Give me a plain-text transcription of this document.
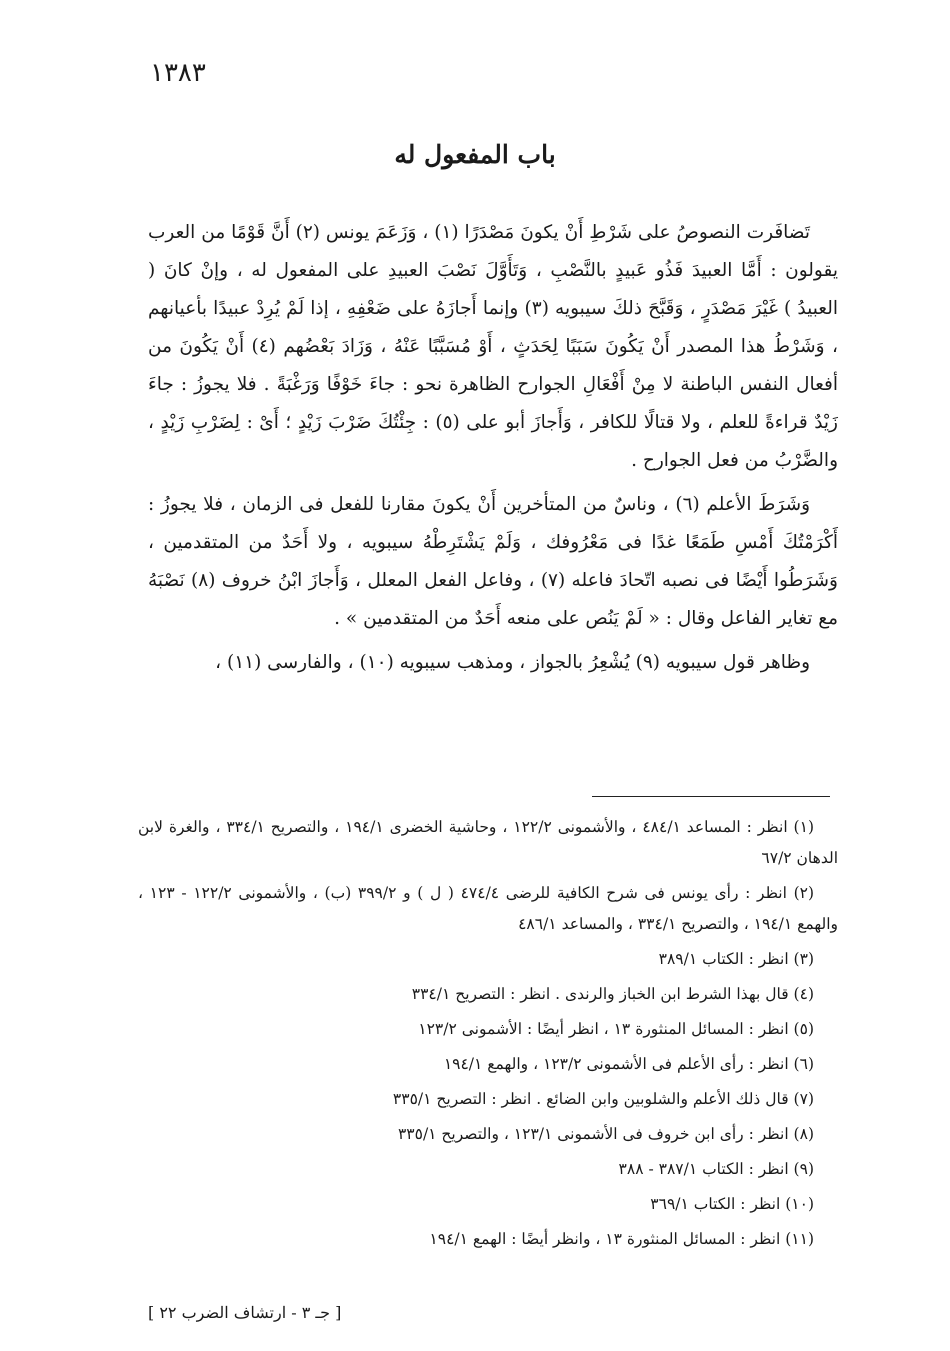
١٣٨٣
باب المفعول له

تَضافَرت النصوصُ على شَرْطِ أَنْ يكونَ مَصْدَرًا (١) ، وَزَعَمَ يونس (٢) أَنَّ قَوْمًا من العرب يقولون : أَمَّا العبيدَ فَذُو عَبيدٍ بالنَّصْبِ ، وَتَأَوَّلَ نَصْبَ العبيدِ على المفعول له ، وإنْ كانَ ( العبيدُ ) غَيْرَ مَصْدَرٍ ، وَقَبَّحَ ذلكَ سيبويه (٣) وإنما أَجازَهُ على ضَعْفِهِ ، إذا لَمْ يُرِدْ عبيدًا بأعيانهم ، وَشَرْطُ هذا المصدر أَنْ يَكُونَ سَبَبًا لِحَدَثٍ ، أَوْ مُسَبَّبًا عَنْهُ ، وَزَادَ بَعْضُهم (٤) أَنْ يَكُونَ من أفعال النفس الباطنة لا مِنْ أَفْعَالِ الجوارح الظاهرة نحو : جاءَ خَوْفًا وَرَغْبَةً . فلا يجوزُ : جاءَ زَيْدٌ قراءةً للعلم ، ولا قتالًا للكافر ، وَأَجازَ أبو على (٥) : جِئْتُكَ ضَرْبَ زَيْدٍ ؛ أَىْ : لِضَرْبِ زَيْدٍ ، والضَّرْبُ من فعل الجوارح .

وَشَرَطَ الأعلم (٦) ، وناسٌ من المتأخرين أَنْ يكونَ مقارنا للفعل فى الزمان ، فلا يجوزُ : أَكْرَمْتُكَ أَمْسِ طَمَعًا غدًا فى مَعْرُوفك ، وَلَمْ يَشْتَرِطْهُ سيبويه ، ولا أَحَدٌ من المتقدمين ، وَشَرَطُوا أَيْضًا فى نصبه اتّحادَ فاعله (٧) ، وفاعل الفعل المعلل ، وَأَجازَ ابْنُ خروف (٨) نَصْبَهُ مع تغاير الفاعل وقال : « لَمْ يَنُص على منعه أَحَدٌ من المتقدمين » .

وظاهر قول سيبويه (٩) يُشْعِرُ بالجواز ، ومذهب سيبويه (١٠) ، والفارسى (١١) ،

(١) انظر : المساعد ٤٨٤/١ ، والأشمونى ١٢٢/٢ ، وحاشية الخضرى ١٩٤/١ ، والتصريح ٣٣٤/١ ، والغرة لابن الدهان ٦٧/٢

(٢) انظر : رأى يونس فى شرح الكافية للرضى ٤٧٤/٤ ( ل ) و ٣٩٩/٢ (ب) ، والأشمونى ١٢٢/٢ - ١٢٣ ، والهمع ١٩٤/١ ، والتصريح ٣٣٤/١ ، والمساعد ٤٨٦/١

(٣) انظر : الكتاب ٣٨٩/١

(٤) قال بهذا الشرط ابن الخباز والرندى . انظر : التصريح ٣٣٤/١

(٥) انظر : المسائل المنثورة ١٣ ، انظر أيضًا : الأشمونى ١٢٣/٢

(٦) انظر : رأى الأعلم فى الأشمونى ١٢٣/٢ ، والهمع ١٩٤/١

(٧) قال ذلك الأعلم والشلوبين وابن الضائع . انظر : التصريح ٣٣٥/١

(٨) انظر : رأى ابن خروف فى الأشمونى ١٢٣/١ ، والتصريح ٣٣٥/١

(٩) انظر : الكتاب ٣٨٧/١ - ٣٨٨

(١٠) انظر : الكتاب ٣٦٩/١

(١١) انظر : المسائل المنثورة ١٣ ، وانظر أيضًا : الهمع ١٩٤/١

[ جـ ٣ - ارتشاف الضرب ٢٢ ]
